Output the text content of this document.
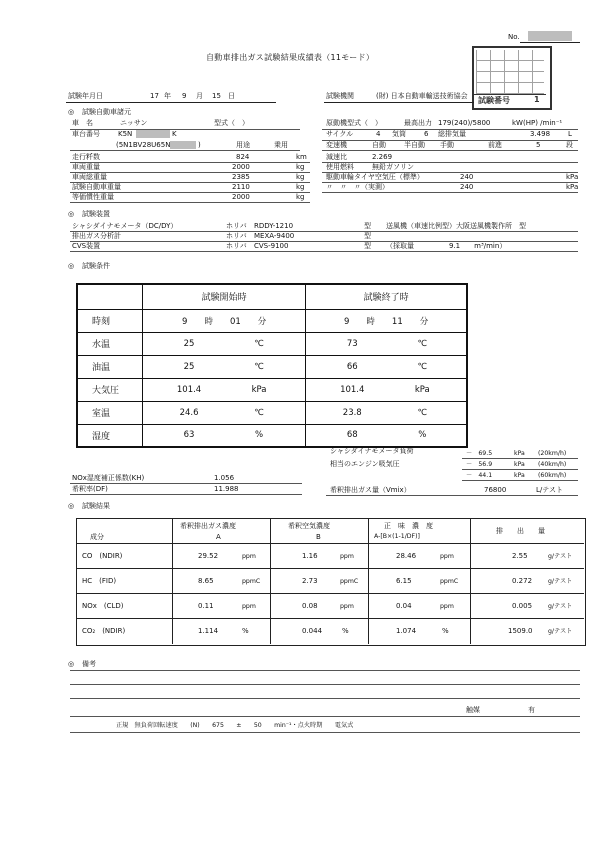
No.
自動車排出ガス試験結果成績表（11モード）
試験番号	1
試験年月日	17 年 9 月 15 日	試験機関	(財) 日本自動車輸送技術協会
◎ 試験自動車諸元
車　名	ニッサン	型式（　）
車台番号	K5N	K
(5N1BV28U65N	)	用途	乗用
走行粁数	824	km
車両重量	2000	kg
車両総重量	2385	kg
試験自動車重量	2110	kg
等価慣性重量	2000	kg
原動機型式（　）	最高出力 179(240)/5800	kW(HP) /min⁻¹
サイクル	4 気筒	6 総排気量	3.498	L
変速機	自動	半自動 手動	前進	5	段
減速比	2.269
使用燃料	無鉛ガソリン
駆動車輪タイヤ空気圧（標準）	240	kPa
〃　〃　〃（実測）	240	kPa
◎ 試験装置
シャシダイナモメータ（DC/DY）	ホリバ RDDY-1210	型 送風機（車速比例型）大阪送風機製作所　型
排出ガス分析計	ホリバ MEXA-9400	型
CVS装置	ホリバ CVS-9100	型 （採取量　　　　　9.1　　m³/min）
◎ 試験条件
	試験開始時	試験終了時
時刻	9　　時　　01　　分	9　　時　　11　　分
水温	25 ℃	73 ℃
油温	25 ℃	66 ℃
大気圧	101.4 kPa	101.4 kPa
室温	24.6 ℃	23.8 ℃
湿度	63 %	68 %
シャシダイナモメータ負荷
相当のエンジン吸気圧
－　69.5	kPa (20km/h)
－　56.9	kPa (40km/h)
－　44.1	kPa (60km/h)
NOx湿度補正係数(KH)	1.056
希釈率(DF)	11.988	希釈排出ガス量（Vmix）	76800	L/テスト
◎ 試験結果
成分
希釈排出ガス濃度
A
希釈空気濃度
B
正　味　濃　度
A-[B×(1-1/DF)]
排　　出　　量
CO　(NDIR)	29.52	ppm	1.16	ppm	28.46	ppm	2.55	g/テスト
HC　(FID)	8.65	ppmC	2.73	ppmC	6.15	ppmC	0.272	g/テスト
NOx　(CLD)	0.11	ppm	0.08	ppm	0.04	ppm	0.005	g/テスト
CO₂　(NDIR)	1.114	%	0.044	%	1.074	%	1509.0	g/テスト
◎ 備考
触媒	有
正規　無負荷回転速度　　(N)　　675　　±　　50　　min⁻¹・点火時期　　電気式
